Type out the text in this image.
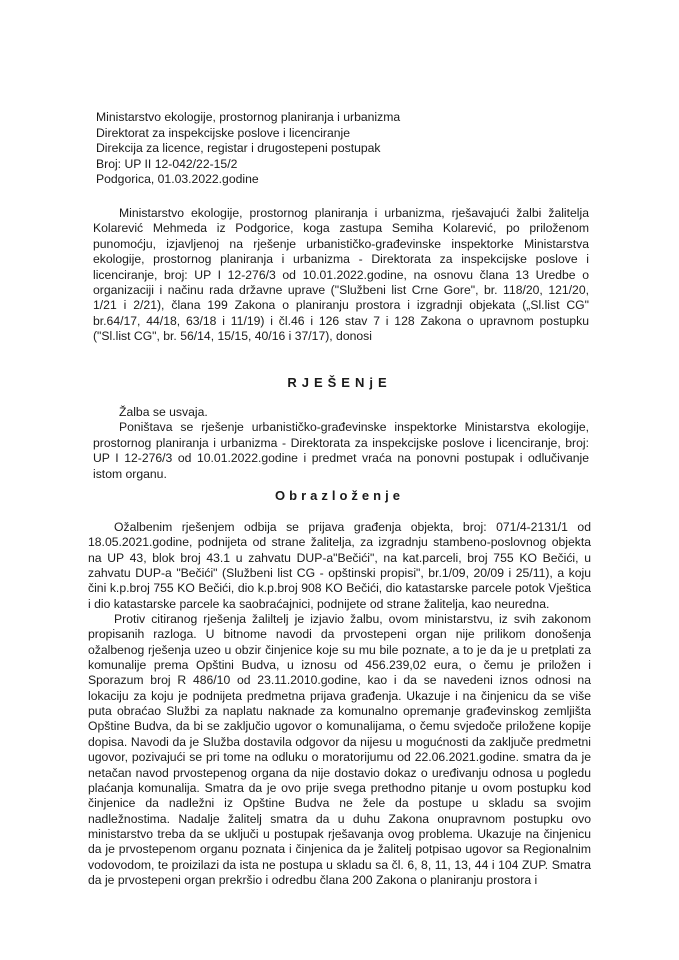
Ministarstvo ekologije, prostornog planiranja i urbanizma
Direktorat za inspekcijske poslove i licenciranje
Direkcija za licence, registar i drugostepeni postupak
Broj: UP II 12-042/22-15/2
Podgorica, 01.03.2022.godine
Ministarstvo ekologije, prostornog planiranja i urbanizma, rješavajući žalbi žalitelja Kolarević Mehmeda iz Podgorice, koga zastupa Semiha Kolarević, po priloženom punomoćju, izjavljenoj na rješenje urbanističko-građevinske inspektorke Ministarstva ekologije, prostornog planiranja i urbanizma - Direktorata za inspekcijske poslove i licenciranje, broj: UP I 12-276/3 od 10.01.2022.godine, na osnovu člana 13 Uredbe o organizaciji i načinu rada državne uprave ("Službeni list Crne Gore", br. 118/20, 121/20, 1/21 i 2/21), člana 199 Zakona o planiranju prostora i izgradnji objekata („Sl.list CG" br.64/17, 44/18, 63/18 i 11/19) i čl.46 i 126 stav 7 i 128 Zakona o upravnom postupku ("Sl.list CG", br. 56/14, 15/15, 40/16 i 37/17), donosi
RJEŠENjE

Žalba se usvaja.

Poništava se rješenje urbanističko-građevinske inspektorke Ministarstva ekologije, prostornog planiranja i urbanizma - Direktorata za inspekcijske poslove i licenciranje, broj: UP I 12-276/3 od 10.01.2022.godine i predmet vraća na ponovni postupak i odlučivanje istom organu.

Obrazloženje

Ožalbenim rješenjem odbija se prijava građenja objekta, broj: 071/4-2131/1 od 18.05.2021.godine, podnijeta od strane žalitelja, za izgradnju stambeno-poslovnog objekta na UP 43, blok broj 43.1 u zahvatu DUP-a"Bečići", na kat.parceli, broj 755 KO Bečići, u zahvatu DUP-a "Bečići" (Službeni list CG - opštinski propisi", br.1/09, 20/09 i 25/11), a koju čini k.p.broj 755 KO Bečići, dio k.p.broj 908 KO Bečići, dio katastarske parcele potok Vještica i dio katastarske parcele ka saobraćajnici, podnijete od strane žalitelja, kao neuredna.

Protiv citiranog rješenja žaliltelj je izjavio žalbu, ovom ministarstvu, iz svih zakonom propisanih razloga. U bitnome navodi da prvostepeni organ nije prilikom donošenja ožalbenog rješenja uzeo u obzir činjenice koje su mu bile poznate, a to je da je u pretplati za komunalije prema Opštini Budva, u iznosu od 456.239,02 eura, o čemu je priložen i Sporazum broj R 486/10 od 23.11.2010.godine, kao i da se navedeni iznos odnosi na lokaciju za koju je podnijeta predmetna prijava građenja. Ukazuje i na činjenicu da se više puta obraćao Službi za naplatu naknade za komunalno opremanje građevinskog zemljišta Opštine Budva, da bi se zaključio ugovor o komunalijama, o čemu svjedoče priložene kopije dopisa. Navodi da je Služba dostavila odgovor da nijesu u mogućnosti da zaključe predmetni ugovor, pozivajući se pri tome na odluku o moratorijumu od 22.06.2021.godine. smatra da je netačan navod prvostepenog organa da nije dostavio dokaz o uređivanju odnosa u pogledu plaćanja komunalija. Smatra da je ovo prije svega prethodno pitanje u ovom postupku kod činjenice da nadležni iz Opštine Budva ne žele da postupe u skladu sa svojim nadležnostima. Nadalje žalitelj smatra da u duhu Zakona onupravnom postupku ovo ministarstvo treba da se uključi u postupak rješavanja ovog problema. Ukazuje na činjenicu da je prvostepenom organu poznata i činjenica da je žalitelj potpisao ugovor sa Regionalnim vodovodom, te proizilazi da ista ne postupa u skladu sa čl. 6, 8, 11, 13, 44 i 104 ZUP. Smatra da je prvostepeni organ prekršio i odredbu člana 200 Zakona o planiranju prostora i
